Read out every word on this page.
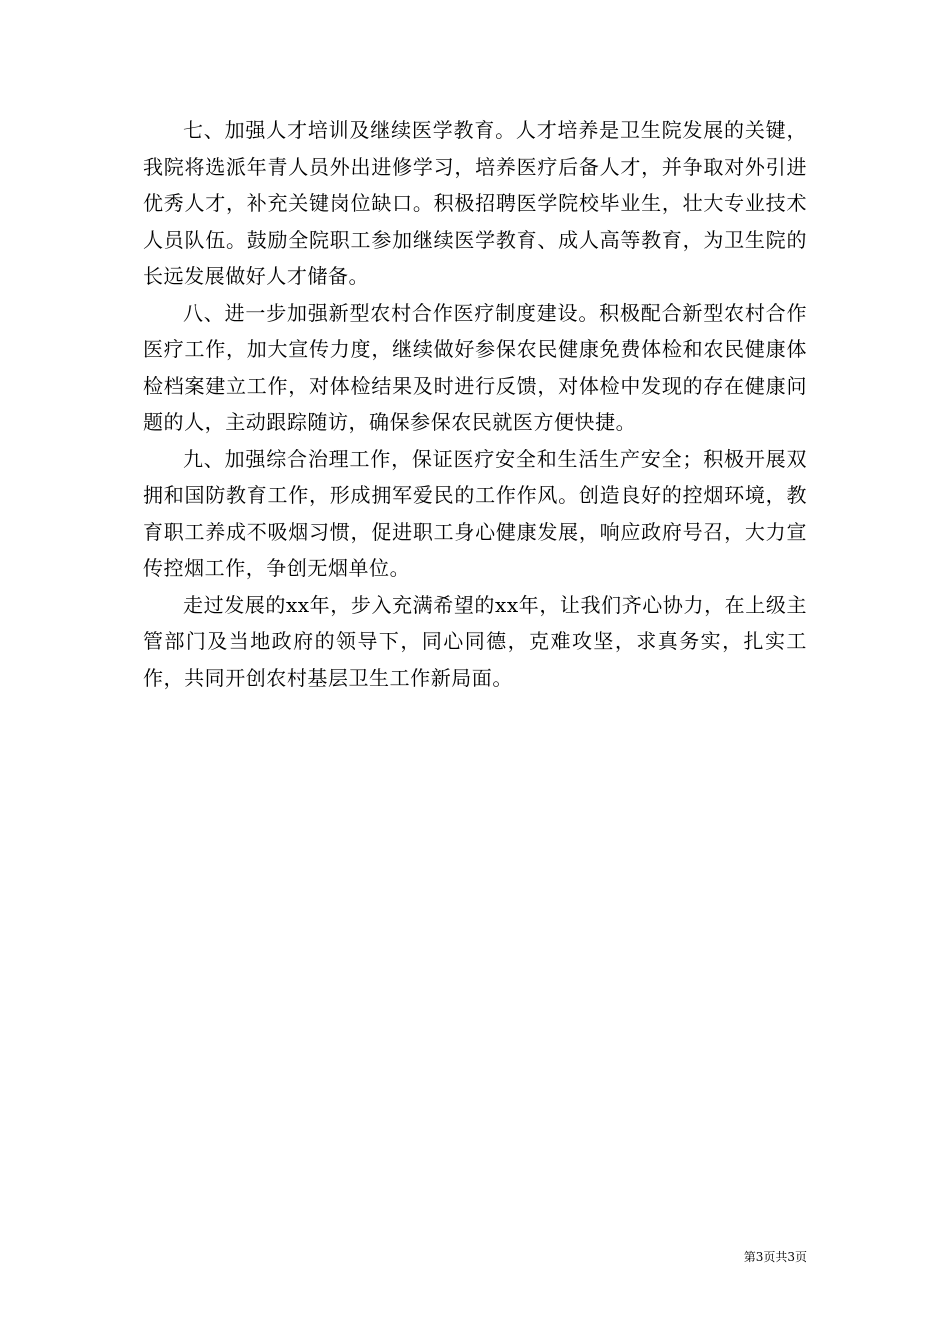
七、加强人才培训及继续医学教育。人才培养是卫生院发展的关键，我院将选派年青人员外出进修学习，培养医疗后备人才，并争取对外引进优秀人才，补充关键岗位缺口。积极招聘医学院校毕业生，壮大专业技术人员队伍。鼓励全院职工参加继续医学教育、成人高等教育，为卫生院的长远发展做好人才储备。

八、进一步加强新型农村合作医疗制度建设。积极配合新型农村合作医疗工作，加大宣传力度，继续做好参保农民健康免费体检和农民健康体检档案建立工作，对体检结果及时进行反馈，对体检中发现的存在健康问题的人，主动跟踪随访，确保参保农民就医方便快捷。

九、加强综合治理工作，保证医疗安全和生活生产安全；积极开展双拥和国防教育工作，形成拥军爱民的工作作风。创造良好的控烟环境，教育职工养成不吸烟习惯，促进职工身心健康发展，响应政府号召，大力宣传控烟工作，争创无烟单位。

走过发展的xx年，步入充满希望的xx年，让我们齐心协力，在上级主管部门及当地政府的领导下，同心同德，克难攻坚，求真务实，扎实工作，共同开创农村基层卫生工作新局面。

第3页共3页
